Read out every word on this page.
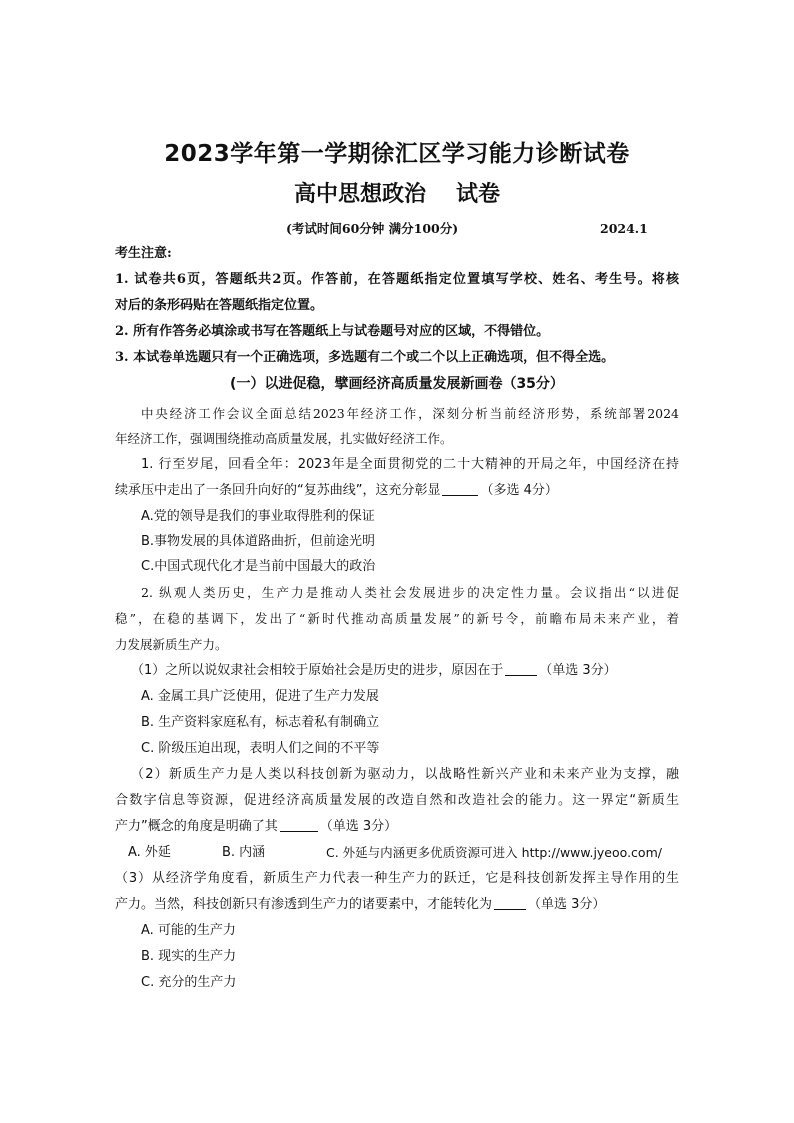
2023学年第一学期徐汇区学习能力诊断试卷
高中思想政治 试卷
(考试时间60分钟 满分100分)	2024.1
考生注意:
1. 试卷共6页，答题纸共2页。作答前，在答题纸指定位置填写学校、姓名、考生号。将核
对后的条形码贴在答题纸指定位置。
2. 所有作答务必填涂或书写在答题纸上与试卷题号对应的区域，不得错位。
3. 本试卷单选题只有一个正确选项，多选题有二个或二个以上正确选项，但不得全选。
(一）以进促稳，擘画经济高质量发展新画卷（35分）
中央经济工作会议全面总结2023年经济工作，深刻分析当前经济形势，系统部署2024
年经济工作，强调围绕推动高质量发展，扎实做好经济工作。
1. 行至岁尾，回看全年：2023年是全面贯彻党的二十大精神的开局之年，中国经济在持
续承压中走出了一条回升向好的“复苏曲线”，这充分彰显	（多选 4分）
A.党的领导是我们的事业取得胜利的保证
B.事物发展的具体道路曲折，但前途光明
C.中国式现代化才是当前中国最大的政治
2. 纵观人类历史，生产力是推动人类社会发展进步的决定性力量。会议指出“以进促
稳”，在稳的基调下，发出了“新时代推动高质量发展”的新号令，前瞻布局未来产业，着
力发展新质生产力。
（1）之所以说奴隶社会相较于原始社会是历史的进步，原因在于	（单选 3分）
A. 金属工具广泛使用，促进了生产力发展
B. 生产资料家庭私有，标志着私有制确立
C. 阶级压迫出现，表明人们之间的不平等
（2）新质生产力是人类以科技创新为驱动力，以战略性新兴产业和未来产业为支撑，融
合数字信息等资源，促进经济高质量发展的改造自然和改造社会的能力。这一界定“新质生
产力”概念的角度是明确了其	（单选 3分）
A. 外延	B. 内涵	C. 外延与内涵更多优质资源可进入 http://www.jyeoo.com/
（3）从经济学角度看，新质生产力代表一种生产力的跃迁，它是科技创新发挥主导作用的生
产力。当然，科技创新只有渗透到生产力的诸要素中，才能转化为	（单选 3分）
A. 可能的生产力
B. 现实的生产力
C. 充分的生产力
